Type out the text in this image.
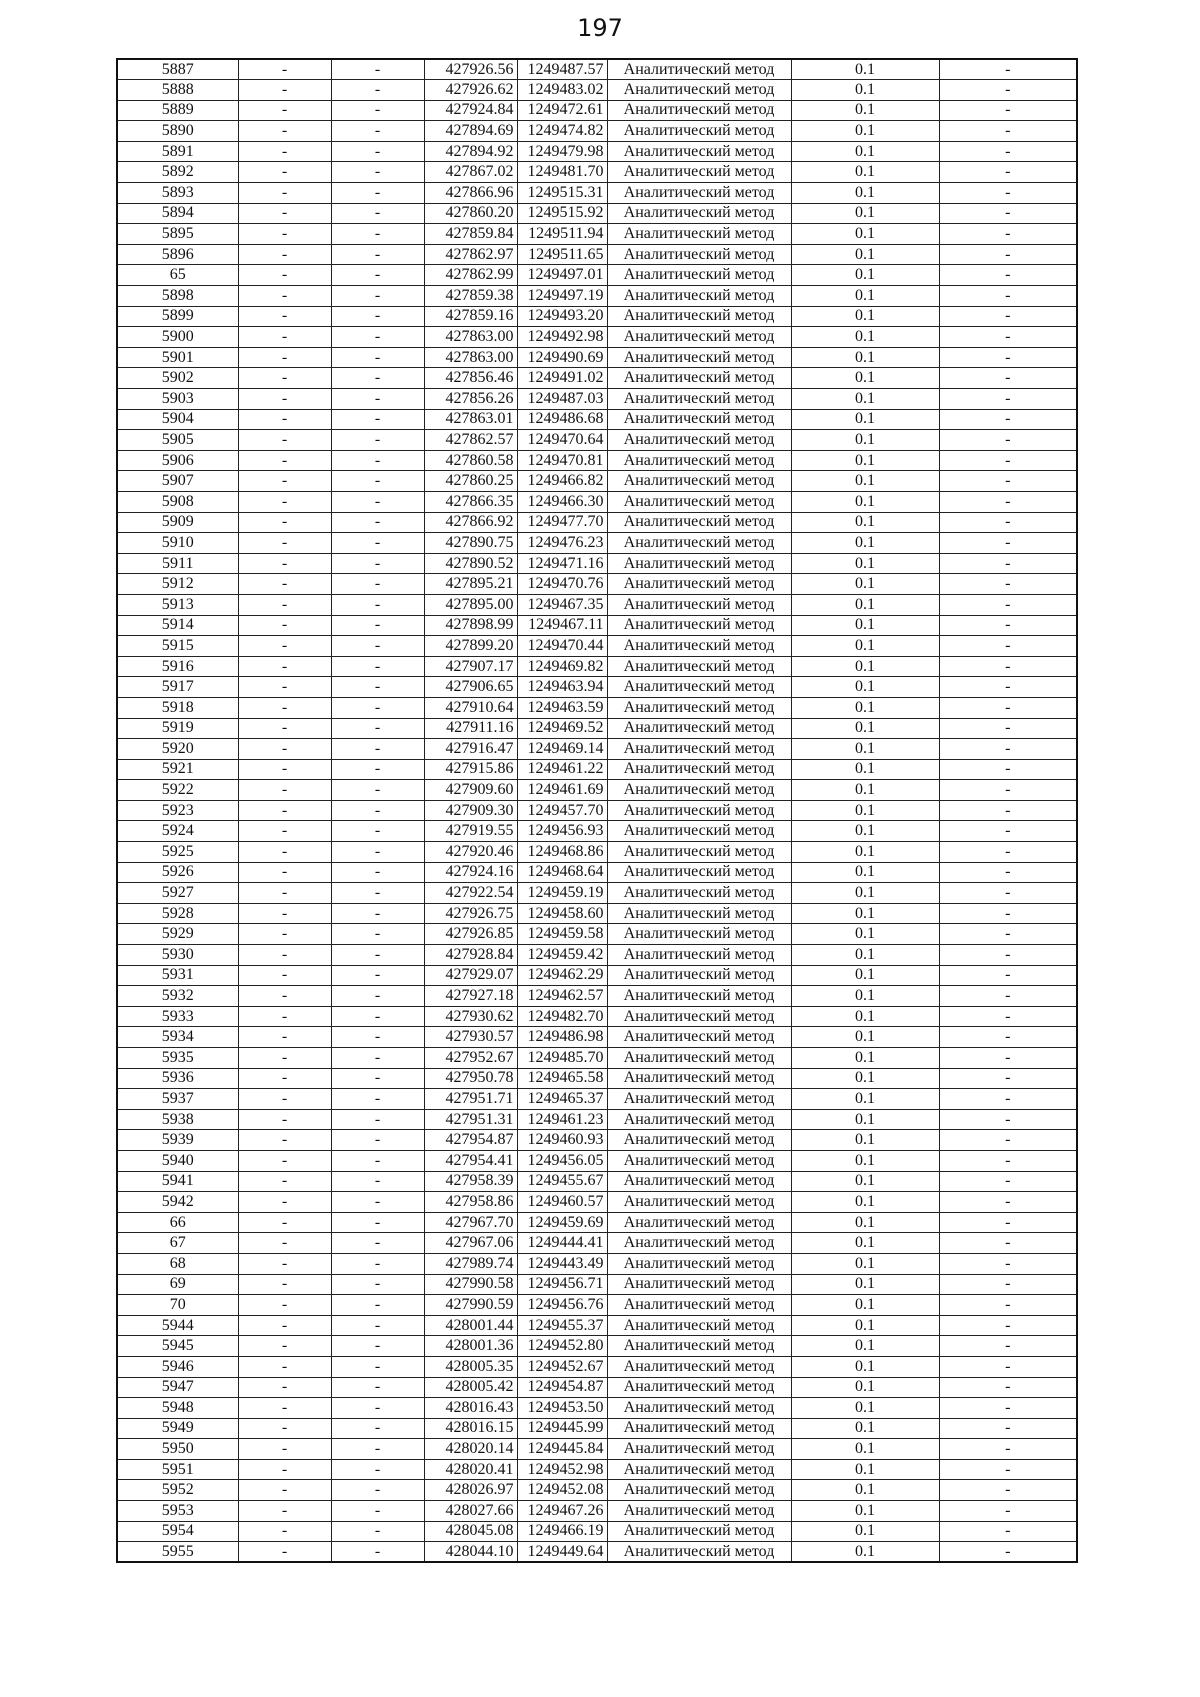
197
5887	-	-	427926.56	1249487.57	Аналитический метод	0.1	-
5888	-	-	427926.62	1249483.02	Аналитический метод	0.1	-
5889	-	-	427924.84	1249472.61	Аналитический метод	0.1	-
5890	-	-	427894.69	1249474.82	Аналитический метод	0.1	-
5891	-	-	427894.92	1249479.98	Аналитический метод	0.1	-
5892	-	-	427867.02	1249481.70	Аналитический метод	0.1	-
5893	-	-	427866.96	1249515.31	Аналитический метод	0.1	-
5894	-	-	427860.20	1249515.92	Аналитический метод	0.1	-
5895	-	-	427859.84	1249511.94	Аналитический метод	0.1	-
5896	-	-	427862.97	1249511.65	Аналитический метод	0.1	-
65	-	-	427862.99	1249497.01	Аналитический метод	0.1	-
5898	-	-	427859.38	1249497.19	Аналитический метод	0.1	-
5899	-	-	427859.16	1249493.20	Аналитический метод	0.1	-
5900	-	-	427863.00	1249492.98	Аналитический метод	0.1	-
5901	-	-	427863.00	1249490.69	Аналитический метод	0.1	-
5902	-	-	427856.46	1249491.02	Аналитический метод	0.1	-
5903	-	-	427856.26	1249487.03	Аналитический метод	0.1	-
5904	-	-	427863.01	1249486.68	Аналитический метод	0.1	-
5905	-	-	427862.57	1249470.64	Аналитический метод	0.1	-
5906	-	-	427860.58	1249470.81	Аналитический метод	0.1	-
5907	-	-	427860.25	1249466.82	Аналитический метод	0.1	-
5908	-	-	427866.35	1249466.30	Аналитический метод	0.1	-
5909	-	-	427866.92	1249477.70	Аналитический метод	0.1	-
5910	-	-	427890.75	1249476.23	Аналитический метод	0.1	-
5911	-	-	427890.52	1249471.16	Аналитический метод	0.1	-
5912	-	-	427895.21	1249470.76	Аналитический метод	0.1	-
5913	-	-	427895.00	1249467.35	Аналитический метод	0.1	-
5914	-	-	427898.99	1249467.11	Аналитический метод	0.1	-
5915	-	-	427899.20	1249470.44	Аналитический метод	0.1	-
5916	-	-	427907.17	1249469.82	Аналитический метод	0.1	-
5917	-	-	427906.65	1249463.94	Аналитический метод	0.1	-
5918	-	-	427910.64	1249463.59	Аналитический метод	0.1	-
5919	-	-	427911.16	1249469.52	Аналитический метод	0.1	-
5920	-	-	427916.47	1249469.14	Аналитический метод	0.1	-
5921	-	-	427915.86	1249461.22	Аналитический метод	0.1	-
5922	-	-	427909.60	1249461.69	Аналитический метод	0.1	-
5923	-	-	427909.30	1249457.70	Аналитический метод	0.1	-
5924	-	-	427919.55	1249456.93	Аналитический метод	0.1	-
5925	-	-	427920.46	1249468.86	Аналитический метод	0.1	-
5926	-	-	427924.16	1249468.64	Аналитический метод	0.1	-
5927	-	-	427922.54	1249459.19	Аналитический метод	0.1	-
5928	-	-	427926.75	1249458.60	Аналитический метод	0.1	-
5929	-	-	427926.85	1249459.58	Аналитический метод	0.1	-
5930	-	-	427928.84	1249459.42	Аналитический метод	0.1	-
5931	-	-	427929.07	1249462.29	Аналитический метод	0.1	-
5932	-	-	427927.18	1249462.57	Аналитический метод	0.1	-
5933	-	-	427930.62	1249482.70	Аналитический метод	0.1	-
5934	-	-	427930.57	1249486.98	Аналитический метод	0.1	-
5935	-	-	427952.67	1249485.70	Аналитический метод	0.1	-
5936	-	-	427950.78	1249465.58	Аналитический метод	0.1	-
5937	-	-	427951.71	1249465.37	Аналитический метод	0.1	-
5938	-	-	427951.31	1249461.23	Аналитический метод	0.1	-
5939	-	-	427954.87	1249460.93	Аналитический метод	0.1	-
5940	-	-	427954.41	1249456.05	Аналитический метод	0.1	-
5941	-	-	427958.39	1249455.67	Аналитический метод	0.1	-
5942	-	-	427958.86	1249460.57	Аналитический метод	0.1	-
66	-	-	427967.70	1249459.69	Аналитический метод	0.1	-
67	-	-	427967.06	1249444.41	Аналитический метод	0.1	-
68	-	-	427989.74	1249443.49	Аналитический метод	0.1	-
69	-	-	427990.58	1249456.71	Аналитический метод	0.1	-
70	-	-	427990.59	1249456.76	Аналитический метод	0.1	-
5944	-	-	428001.44	1249455.37	Аналитический метод	0.1	-
5945	-	-	428001.36	1249452.80	Аналитический метод	0.1	-
5946	-	-	428005.35	1249452.67	Аналитический метод	0.1	-
5947	-	-	428005.42	1249454.87	Аналитический метод	0.1	-
5948	-	-	428016.43	1249453.50	Аналитический метод	0.1	-
5949	-	-	428016.15	1249445.99	Аналитический метод	0.1	-
5950	-	-	428020.14	1249445.84	Аналитический метод	0.1	-
5951	-	-	428020.41	1249452.98	Аналитический метод	0.1	-
5952	-	-	428026.97	1249452.08	Аналитический метод	0.1	-
5953	-	-	428027.66	1249467.26	Аналитический метод	0.1	-
5954	-	-	428045.08	1249466.19	Аналитический метод	0.1	-
5955	-	-	428044.10	1249449.64	Аналитический метод	0.1	-
